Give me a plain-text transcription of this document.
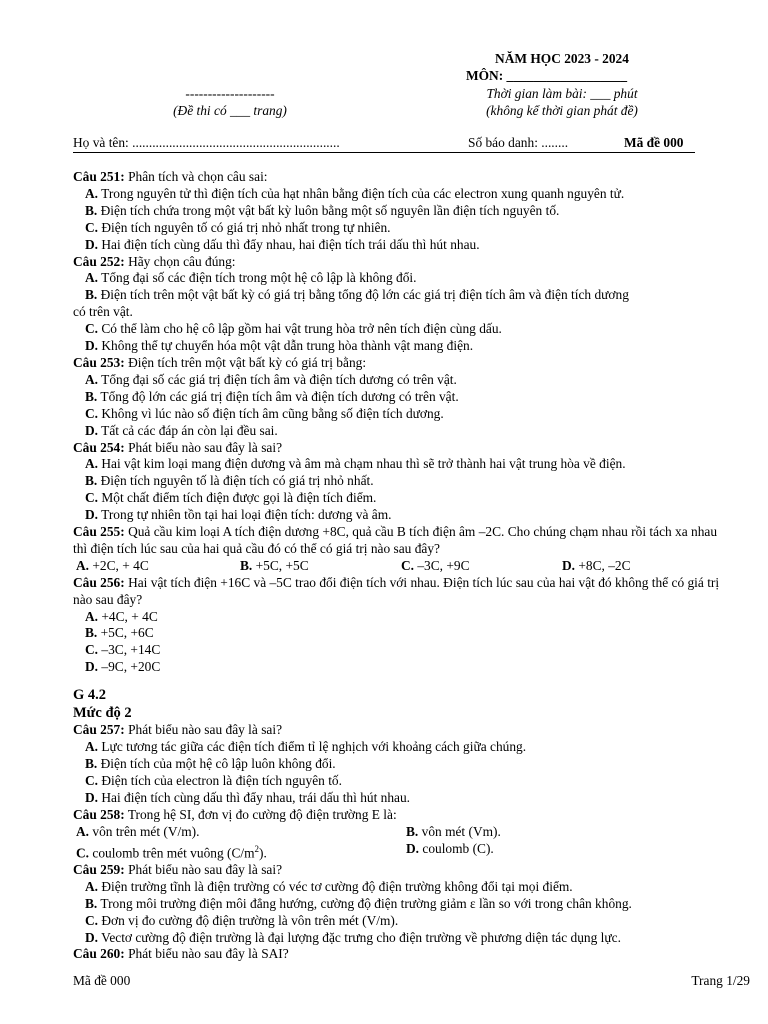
NĂM HỌC 2023 - 2024
MÔN: __________________
--------------------	Thời gian làm bài: ___ phút
(Đề thi có ___ trang)	(không kể thời gian phát đề)
Họ và tên: ..............................................................	Số báo danh: ........	Mã đề 000
Câu 251: Phân tích và chọn câu sai:
A. Trong nguyên tử thì điện tích của hạt nhân bằng điện tích của các electron xung quanh nguyên tử.
B. Điện tích chứa trong một vật bất kỳ luôn bằng một số nguyên lần điện tích nguyên tố.
C. Điện tích nguyên tố có giá trị nhỏ nhất trong tự nhiên.
D. Hai điện tích cùng dấu thì đẩy nhau, hai điện tích trái dấu thì hút nhau.
Câu 252: Hãy chọn câu đúng:
A. Tổng đại số các điện tích trong một hệ cô lập là không đổi.
B. Điện tích trên một vật bất kỳ có giá trị bằng tổng độ lớn các giá trị điện tích âm và điện tích dương
có trên vật.
C. Có thể làm cho hệ cô lập gồm hai vật trung hòa trở nên tích điện cùng dấu.
D. Không thể tự chuyển hóa một vật dẫn trung hòa thành vật mang điện.
Câu 253: Điện tích trên một vật bất kỳ có giá trị bằng:
A. Tổng đại số các giá trị điện tích âm và điện tích dương có trên vật.
B. Tổng độ lớn các giá trị điện tích âm và điện tích dương có trên vật.
C. Không vì lúc nào số điện tích âm cũng bằng số điện tích dương.
D. Tất cả các đáp án còn lại đều sai.
Câu 254: Phát biểu nào sau đây là sai?
A. Hai vật kim loại mang điện dương và âm mà chạm nhau thì sẽ trở thành hai vật trung hòa về điện.
B. Điện tích nguyên tố là điện tích có giá trị nhỏ nhất.
C. Một chất điểm tích điện được gọi là điện tích điểm.
D. Trong tự nhiên tồn tại hai loại điện tích: dương và âm.
Câu 255: Quả cầu kim loại A tích điện dương +8C, quả cầu B tích điện âm –2C. Cho chúng chạm nhau rồi tách xa nhau thì điện tích lúc sau của hai quả cầu đó có thể có giá trị nào sau đây?
A. +2C, + 4C	B. +5C, +5C	C. –3C, +9C	D. +8C, –2C
Câu 256: Hai vật tích điện +16C và –5C trao đổi điện tích với nhau. Điện tích lúc sau của hai vật đó không thể có giá trị nào sau đây?
A. +4C, + 4C
B. +5C, +6C
C. –3C, +14C
D. –9C, +20C
G 4.2
Mức độ 2
Câu 257: Phát biểu nào sau đây là sai?
A. Lực tương tác giữa các điện tích điểm tỉ lệ nghịch với khoảng cách giữa chúng.
B. Điện tích của một hệ cô lập luôn không đổi.
C. Điện tích của electron là điện tích nguyên tố.
D. Hai điện tích cùng dấu thì đẩy nhau, trái dấu thì hút nhau.
Câu 258: Trong hệ SI, đơn vị đo cường độ điện trường E là:
A. vôn trên mét (V/m).	B. vôn mét (Vm).
C. coulomb trên mét vuông $(C/m^2)$.	D. coulomb (C).
Câu 259: Phát biểu nào sau đây là sai?
A. Điện trường tĩnh là điện trường có véc tơ cường độ điện trường không đổi tại mọi điểm.
B. Trong môi trường điện môi đẳng hướng, cường độ điện trường giảm ε lần so với trong chân không.
C. Đơn vị đo cường độ điện trường là vôn trên mét (V/m).
D. Vectơ cường độ điện trường là đại lượng đặc trưng cho điện trường về phương diện tác dụng lực.
Câu 260: Phát biểu nào sau đây là SAI?
Mã đề 000	Trang 1/29
